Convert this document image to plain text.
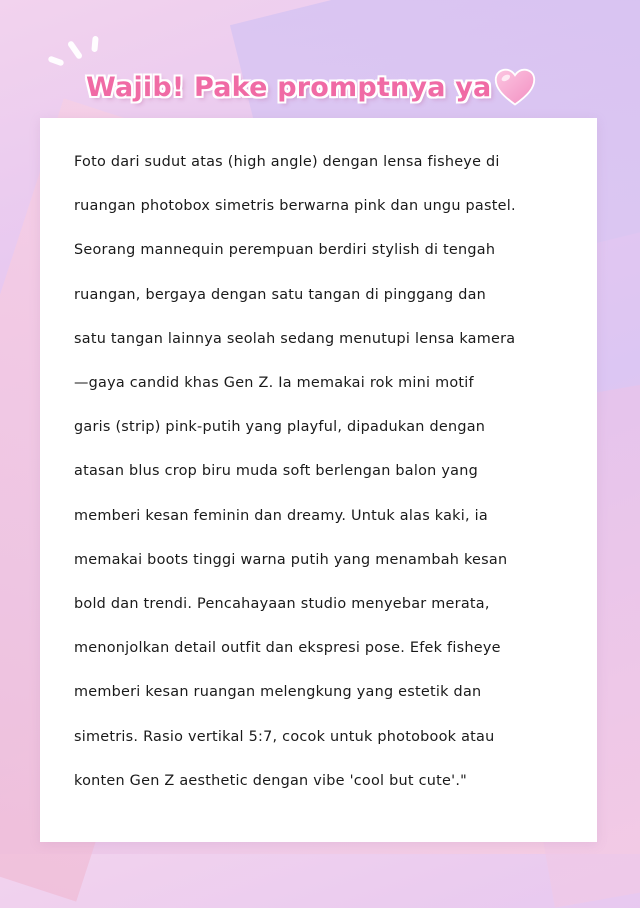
Wajib! Pake promptnya ya
Foto dari sudut atas (high angle) dengan lensa fisheye di
ruangan photobox simetris berwarna pink dan ungu pastel.
Seorang mannequin perempuan berdiri stylish di tengah
ruangan, bergaya dengan satu tangan di pinggang dan
satu tangan lainnya seolah sedang menutupi lensa kamera
—gaya candid khas Gen Z. Ia memakai rok mini motif
garis (strip) pink-putih yang playful, dipadukan dengan
atasan blus crop biru muda soft berlengan balon yang
memberi kesan feminin dan dreamy. Untuk alas kaki, ia
memakai boots tinggi warna putih yang menambah kesan
bold dan trendi. Pencahayaan studio menyebar merata,
menonjolkan detail outfit dan ekspresi pose. Efek fisheye
memberi kesan ruangan melengkung yang estetik dan
simetris. Rasio vertikal 5:7, cocok untuk photobook atau
konten Gen Z aesthetic dengan vibe 'cool but cute'."
